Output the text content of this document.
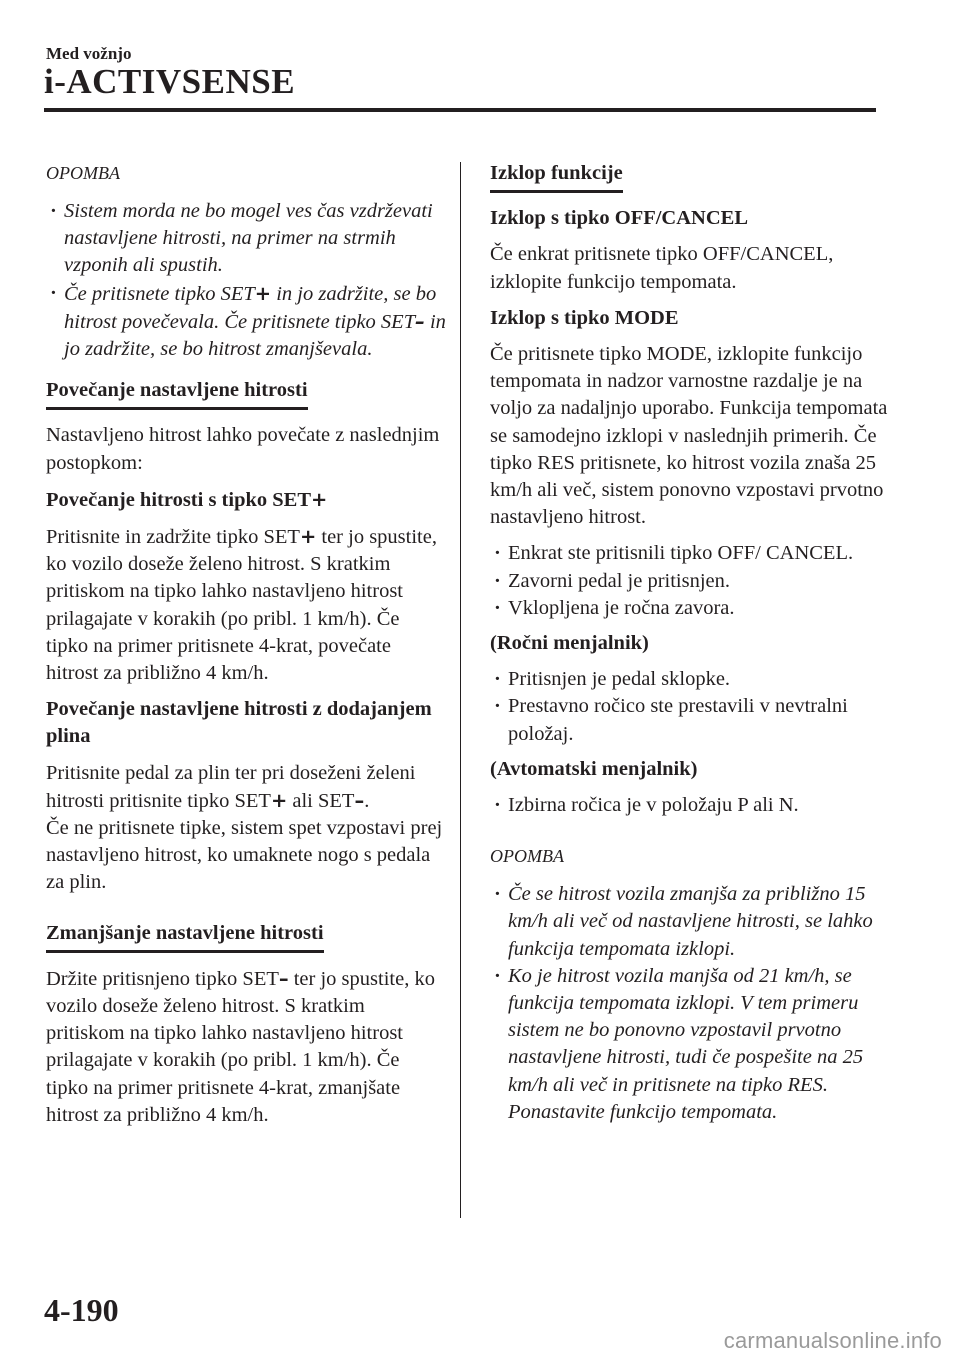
Med vožnjo
i-ACTIVSENSE
OPOMBA
· Sistem morda ne bo mogel ves čas vzdrževati nastavljene hitrosti, na primer na strmih vzponih ali spustih.
· Če pritisnete tipko SET+ in jo zadržite, se bo hitrost povečevala. Če pritisnete tipko SET– in jo zadržite, se bo hitrost zmanjševala.
Povečanje nastavljene hitrosti
Nastavljeno hitrost lahko povečate z naslednjim postopkom:
Povečanje hitrosti s tipko SET+
Pritisnite in zadržite tipko SET+ ter jo spustite, ko vozilo doseže želeno hitrost. S kratkim pritiskom na tipko lahko nastavljeno hitrost prilagajate v korakih (po pribl. 1 km/h). Če tipko na primer pritisnete 4-krat, povečate hitrost za približno 4 km/h.
Povečanje nastavljene hitrosti z dodajanjem plina
Pritisnite pedal za plin ter pri doseženi želeni hitrosti pritisnite tipko SET+ ali SET–.
Če ne pritisnete tipke, sistem spet vzpostavi prej nastavljeno hitrost, ko umaknete nogo s pedala za plin.
Zmanjšanje nastavljene hitrosti
Držite pritisnjeno tipko SET– ter jo spustite, ko vozilo doseže želeno hitrost. S kratkim pritiskom na tipko lahko nastavljeno hitrost prilagajate v korakih (po pribl. 1 km/h). Če tipko na primer pritisnete 4-krat, zmanjšate hitrost za približno 4 km/h.
Izklop funkcije
Izklop s tipko OFF/CANCEL
Če enkrat pritisnete tipko OFF/CANCEL, izklopite funkcijo tempomata.
Izklop s tipko MODE
Če pritisnete tipko MODE, izklopite funkcijo tempomata in nadzor varnostne razdalje je na voljo za nadaljnjo uporabo. Funkcija tempomata se samodejno izklopi v naslednjih primerih. Če tipko RES pritisnete, ko hitrost vozila znaša 25 km/h ali več, sistem ponovno vzpostavi prvotno nastavljeno hitrost.
· Enkrat ste pritisnili tipko OFF/ CANCEL.
· Zavorni pedal je pritisnjen.
· Vklopljena je ročna zavora.
(Ročni menjalnik)
· Pritisnjen je pedal sklopke.
· Prestavno ročico ste prestavili v nevtralni položaj.
(Avtomatski menjalnik)
· Izbirna ročica je v položaju P ali N.
OPOMBA
· Če se hitrost vozila zmanjša za približno 15 km/h ali več od nastavljene hitrosti, se lahko funkcija tempomata izklopi.
· Ko je hitrost vozila manjša od 21 km/h, se funkcija tempomata izklopi. V tem primeru sistem ne bo ponovno vzpostavil prvotno nastavljene hitrosti, tudi če pospešite na 25 km/h ali več in pritisnete na tipko RES. Ponastavite funkcijo tempomata.
4-190
carmanualsonline.info
